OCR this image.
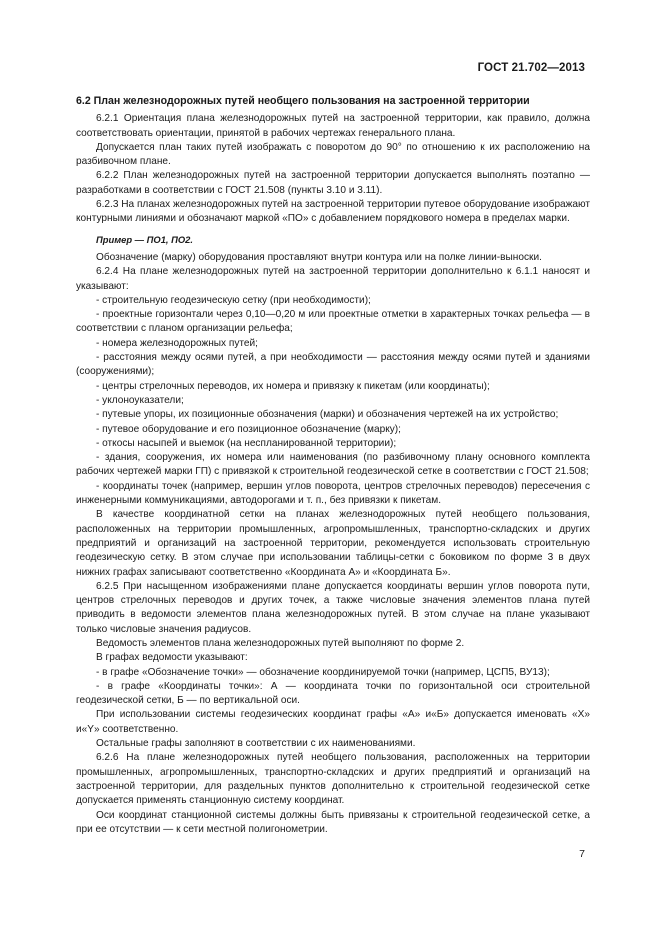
ГОСТ 21.702—2013

6.2 План железнодорожных путей необщего пользования на застроенной территории

6.2.1 Ориентация плана железнодорожных путей на застроенной территории, как правило, должна соответствовать ориентации, принятой в рабочих чертежах генерального плана.

Допускается план таких путей изображать с поворотом до 90° по отношению к их расположению на разбивочном плане.

6.2.2 План железнодорожных путей на застроенной территории допускается выполнять поэтапно — разработками в соответствии с ГОСТ 21.508 (пункты 3.10 и 3.11).

6.2.3 На планах железнодорожных путей на застроенной территории путевое оборудование изображают контурными линиями и обозначают маркой «ПО» с добавлением порядкового номера в пределах марки.

Пример — ПО1, ПО2.

Обозначение (марку) оборудования проставляют внутри контура или на полке линии-выноски.

6.2.4 На плане железнодорожных путей на застроенной территории дополнительно к 6.1.1 наносят и указывают:

- строительную геодезическую сетку (при необходимости);

- проектные горизонтали через 0,10—0,20 м или проектные отметки в характерных точках рельефа — в соответствии с планом организации рельефа;

- номера железнодорожных путей;

- расстояния между осями путей, а при необходимости — расстояния между осями путей и зданиями (сооружениями);

- центры стрелочных переводов, их номера и привязку к пикетам (или координаты);

- уклоноуказатели;

- путевые упоры, их позиционные обозначения (марки) и обозначения чертежей на их устройство;

- путевое оборудование и его позиционное обозначение (марку);

- откосы насыпей и выемок (на неспланированной территории);

- здания, сооружения, их номера или наименования (по разбивочному плану основного комплекта рабочих чертежей марки ГП) с привязкой к строительной геодезической сетке в соответствии с ГОСТ 21.508;

- координаты точек (например, вершин углов поворота, центров стрелочных переводов) пересечения с инженерными коммуникациями, автодорогами и т. п., без привязки к пикетам.

В качестве координатной сетки на планах железнодорожных путей необщего пользования, расположенных на территории промышленных, агропромышленных, транспортно-складских и других предприятий и организаций на застроенной территории, рекомендуется использовать строительную геодезическую сетку. В этом случае при использовании таблицы-сетки с боковиком по форме 3 в двух нижних графах записывают соответственно «Координата А» и «Координата Б».

6.2.5 При насыщенном изображениями плане допускается координаты вершин углов поворота пути, центров стрелочных переводов и других точек, а также числовые значения элементов плана путей приводить в ведомости элементов плана железнодорожных путей. В этом случае на плане указывают только числовые значения радиусов.

Ведомость элементов плана железнодорожных путей выполняют по форме 2.

В графах ведомости указывают:

- в графе «Обозначение точки» — обозначение координируемой точки (например, ЦСП5, ВУ13);

- в графе «Координаты точки»: А — координата точки по горизонтальной оси строительной геодезической сетки, Б — по вертикальной оси.

При использовании системы геодезических координат графы «А» и«Б» допускается именовать «Х» и«Y» соответственно.

Остальные графы заполняют в соответствии с их наименованиями.

6.2.6 На плане железнодорожных путей необщего пользования, расположенных на территории промышленных, агропромышленных, транспортно-складских и других предприятий и организаций на застроенной территории, для раздельных пунктов дополнительно к строительной геодезической сетке допускается применять станционную систему координат.

Оси координат станционной системы должны быть привязаны к строительной геодезической сетке, а при ее отсутствии — к сети местной полигонометрии.

7
